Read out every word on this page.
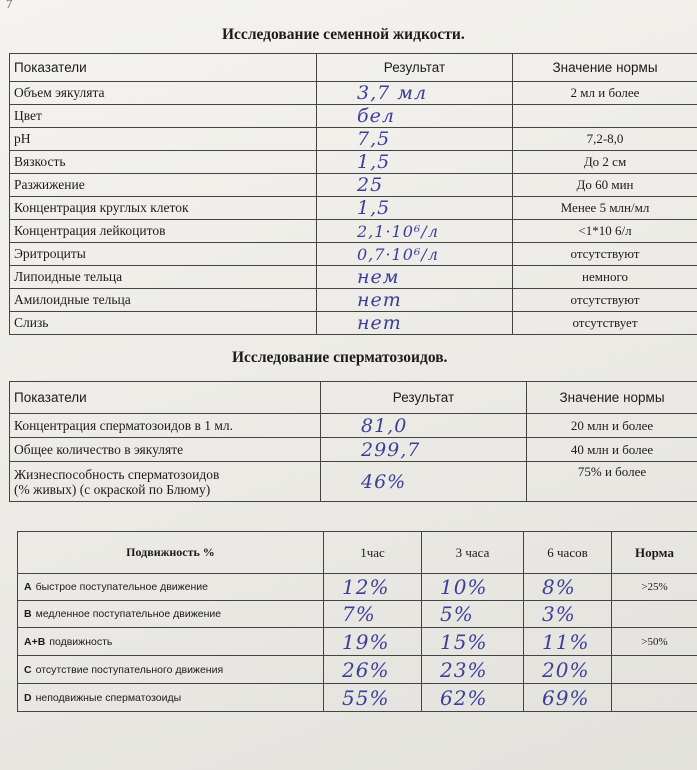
7
Исследование семенной жидкости.
Показатели	Результат	Значение нормы
Объем эякулята	3,7 мл	2 мл и более
Цвет	бел	
pH	7,5	7,2-8,0
Вязкость	1,5	До 2 см
Разжижение	25	До 60 мин
Концентрация круглых клеток	1,5	Менее 5 млн/мл
Концентрация лейкоцитов	2,1·10⁶/л	<1*10 6/л
Эритроциты	0,7·10⁶/л	отсутствуют
Липоидные тельца	нем	немного
Амилоидные тельца	нет	отсутствуют
Слизь	нет	отсутствует
Исследование сперматозоидов.
Показатели	Результат	Значение нормы
Концентрация сперматозоидов в 1 мл.	81,0	20 млн и более
Общее количество в эякуляте	299,7	40 млн и более

Жизнеспособность сперматозоидов
(% живых) (с окраской по Блюму)	46%	75% и более
Подвижность %	1час	3 часа	6 часов	Норма
А быстрое поступательное движение	12%	10%	8%	>25%
В медленное поступательное движение	7%	5%	3%	
А+В подвижность	19%	15%	11%	>50%
С отсутствие поступательного движения	26%	23%	20%	
D неподвижные сперматозоиды	55%	62%	69%	
